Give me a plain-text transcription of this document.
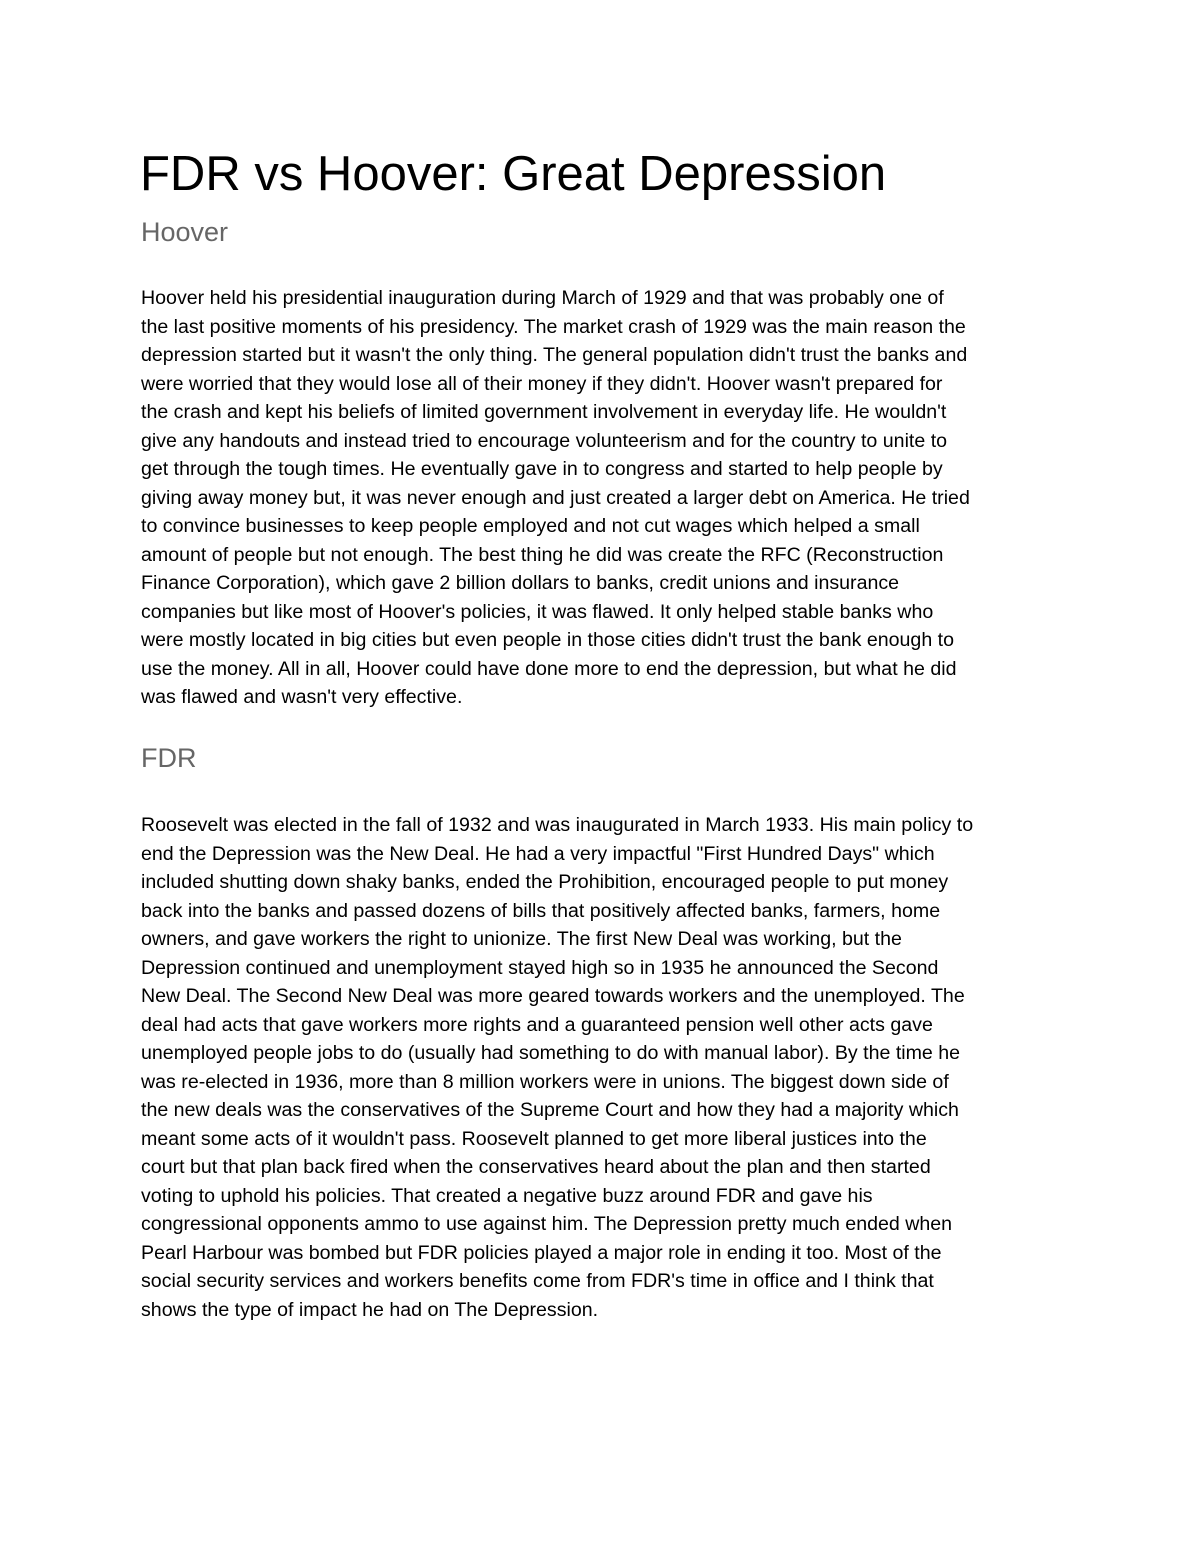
FDR vs Hoover: Great Depression
Hoover
Hoover held his presidential inauguration during March of 1929 and that was probably one of
the last positive moments of his presidency. The market crash of 1929 was the main reason the
depression started but it wasn't the only thing. The general population didn't trust the banks and
were worried that they would lose all of their money if they didn't. Hoover wasn't prepared for
the crash and kept his beliefs of limited government involvement in everyday life. He wouldn't
give any handouts and instead tried to encourage volunteerism and for the country to unite to
get through the tough times. He eventually gave in to congress and started to help people by
giving away money but, it was never enough and just created a larger debt on America. He tried
to convince businesses to keep people employed and not cut wages which helped a small
amount of people but not enough. The best thing he did was create the RFC (Reconstruction
Finance Corporation), which gave 2 billion dollars to banks, credit unions and insurance
companies but like most of Hoover's policies, it was flawed. It only helped stable banks who
were mostly located in big cities but even people in those cities didn't trust the bank enough to
use the money. All in all, Hoover could have done more to end the depression, but what he did
was flawed and wasn't very effective.
FDR
Roosevelt was elected in the fall of 1932 and was inaugurated in March 1933. His main policy to
end the Depression was the New Deal. He had a very impactful "First Hundred Days" which
included shutting down shaky banks, ended the Prohibition, encouraged people to put money
back into the banks and passed dozens of bills that positively affected banks, farmers, home
owners, and gave workers the right to unionize. The first New Deal was working, but the
Depression continued and unemployment stayed high so in 1935 he announced the Second
New Deal. The Second New Deal was more geared towards workers and the unemployed. The
deal had acts that gave workers more rights and a guaranteed pension well other acts gave
unemployed people jobs to do (usually had something to do with manual labor). By the time he
was re-elected in 1936, more than 8 million workers were in unions. The biggest down side of
the new deals was the conservatives of the Supreme Court and how they had a majority which
meant some acts of it wouldn't pass. Roosevelt planned to get more liberal justices into the
court but that plan back fired when the conservatives heard about the plan and then started
voting to uphold his policies. That created a negative buzz around FDR and gave his
congressional opponents ammo to use against him. The Depression pretty much ended when
Pearl Harbour was bombed but FDR policies played a major role in ending it too. Most of the
social security services and workers benefits come from FDR's time in office and I think that
shows the type of impact he had on The Depression.
